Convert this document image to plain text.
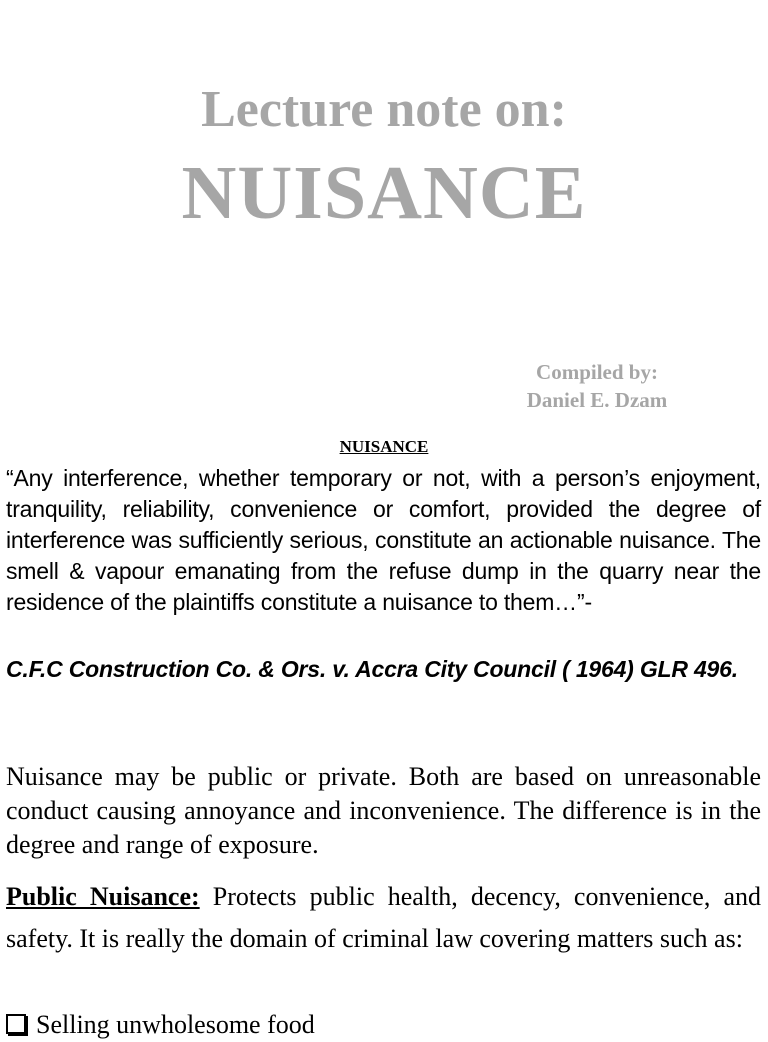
Lecture note on:
NUISANCE
Compiled by:
Daniel E. Dzam
NUISANCE
“Any interference, whether temporary or not, with a person’s enjoyment, tranquility, reliability, convenience or comfort, provided the degree of interference was sufficiently serious, constitute an actionable nuisance. The smell & vapour emanating from the refuse dump in the quarry near the residence of the plaintiffs constitute a nuisance to them…”-
C.F.C Construction Co. & Ors. v. Accra City Council ( 1964) GLR 496.
Nuisance may be public or private. Both are based on unreasonable conduct causing annoyance and inconvenience. The difference is in the degree and range of exposure.
Public Nuisance: Protects public health, decency, convenience, and safety. It is really the domain of criminal law covering matters such as:
Selling unwholesome food
